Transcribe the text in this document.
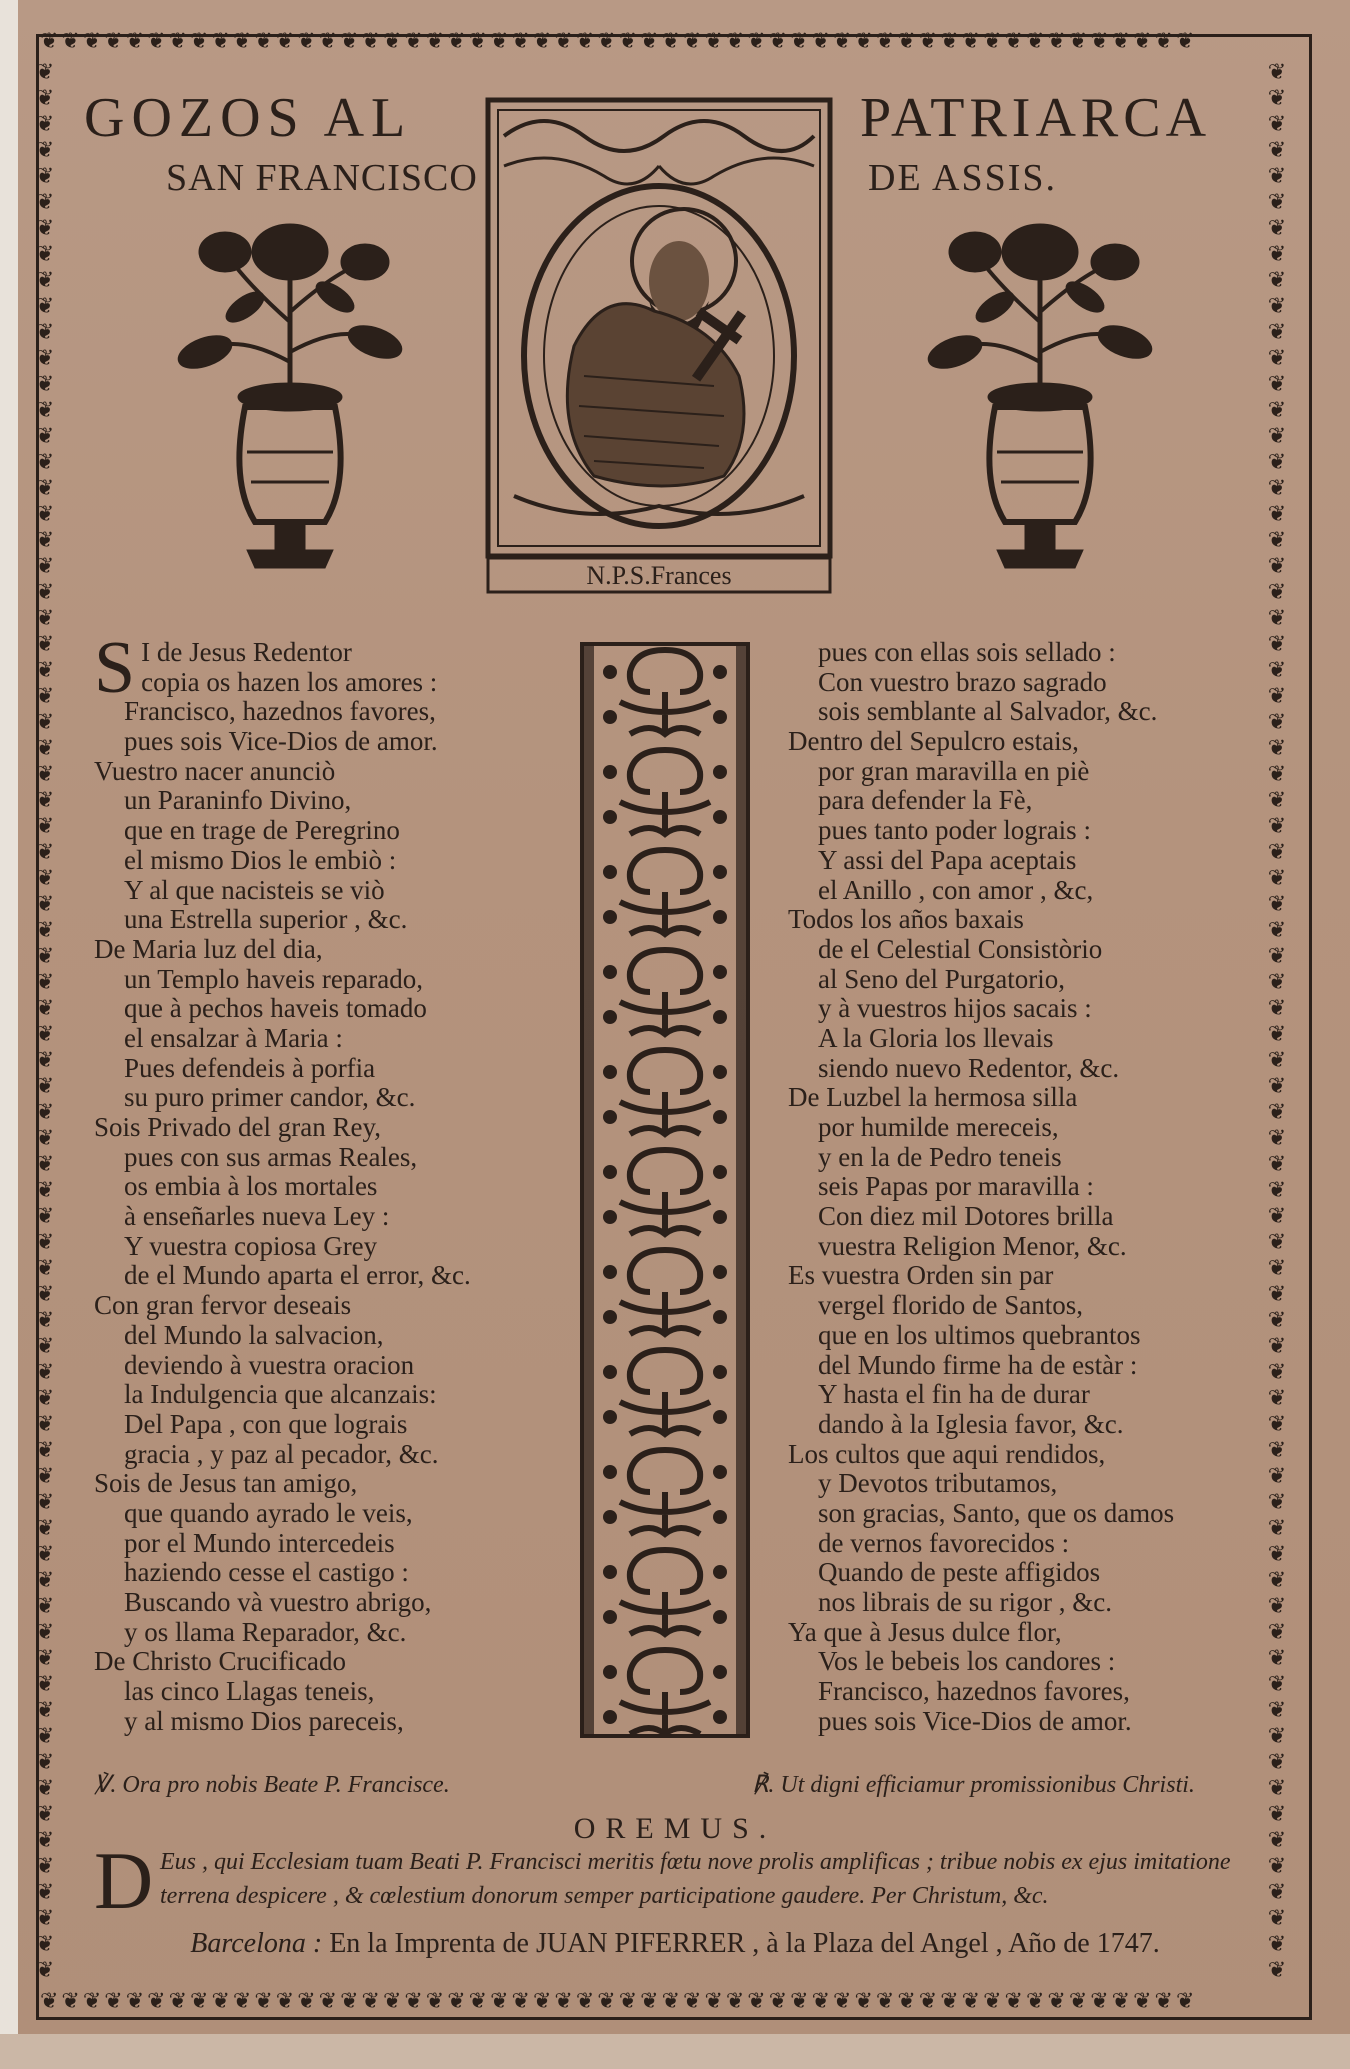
❦❦❦❦❦❦❦❦❦❦❦❦❦❦❦❦❦❦❦❦❦❦❦❦❦❦❦❦❦❦❦❦❦❦❦❦❦❦❦❦❦❦❦❦❦❦❦❦❦❦❦❦❦❦
❦❦❦❦❦❦❦❦❦❦❦❦❦❦❦❦❦❦❦❦❦❦❦❦❦❦❦❦❦❦❦❦❦❦❦❦❦❦❦❦❦❦❦❦❦❦❦❦❦❦❦❦❦❦
❦❦❦❦❦❦❦❦❦❦❦❦❦❦❦❦❦❦❦❦❦❦❦❦❦❦❦❦❦❦❦❦❦❦❦❦❦❦❦❦❦❦❦❦❦❦❦❦❦❦❦❦❦❦❦❦❦❦❦❦❦❦❦❦❦❦❦❦❦❦❦❦❦❦
❦❦❦❦❦❦❦❦❦❦❦❦❦❦❦❦❦❦❦❦❦❦❦❦❦❦❦❦❦❦❦❦❦❦❦❦❦❦❦❦❦❦❦❦❦❦❦❦❦❦❦❦❦❦❦❦❦❦❦❦❦❦❦❦❦❦❦❦❦❦❦❦❦❦
GOZOS AL	PATRIARCA
SAN FRANCISCO	DE ASSIS.
N.P.S.Frances
S I de Jesus Redentor
copia os hazen los amores :
Francisco, hazednos favores,
pues sois Vice-Dios de amor.
Vuestro nacer anunciò
un Paraninfo Divino,
que en trage de Peregrino
el mismo Dios le embiò :
Y al que nacisteis se viò
una Estrella superior , &c.
De Maria luz del dia,
un Templo haveis reparado,
que à pechos haveis tomado
el ensalzar à Maria :
Pues defendeis à porfia
su puro primer candor, &c.
Sois Privado del gran Rey,
pues con sus armas Reales,
os embia à los mortales
à enseñarles nueva Ley :
Y vuestra copiosa Grey
de el Mundo aparta el error, &c.
Con gran fervor deseais
del Mundo la salvacion,
deviendo à vuestra oracion
la Indulgencia que alcanzais:
Del Papa , con que lograis
gracia , y paz al pecador, &c.
Sois de Jesus tan amigo,
que quando ayrado le veis,
por el Mundo intercedeis
haziendo cesse el castigo :
Buscando và vuestro abrigo,
y os llama Reparador, &c.
De Christo Crucificado
las cinco Llagas teneis,
y al mismo Dios pareceis,
pues con ellas sois sellado :
Con vuestro brazo sagrado
sois semblante al Salvador, &c.
Dentro del Sepulcro estais,
por gran maravilla en piè
para defender la Fè,
pues tanto poder lograis :
Y assi del Papa aceptais
el Anillo , con amor , &c,
Todos los años baxais
de el Celestial Consistòrio
al Seno del Purgatorio,
y à vuestros hijos sacais :
A la Gloria los llevais
siendo nuevo Redentor, &c.
De Luzbel la hermosa silla
por humilde mereceis,
y en la de Pedro teneis
seis Papas por maravilla :
Con diez mil Dotores brilla
vuestra Religion Menor, &c.
Es vuestra Orden sin par
vergel florido de Santos,
que en los ultimos quebrantos
del Mundo firme ha de estàr :
Y hasta el fin ha de durar
dando à la Iglesia favor, &c.
Los cultos que aqui rendidos,
y Devotos tributamos,
son gracias, Santo, que os damos
de vernos favorecidos :
Quando de peste affigidos
nos librais de su rigor , &c.
Ya que à Jesus dulce flor,
Vos le bebeis los candores :
Francisco, hazednos favores,
pues sois Vice-Dios de amor.
℣. Ora pro nobis Beate P. Francisce.	℟. Ut digni efficiamur promissionibus Christi.
OREMUS.
D Eus , qui Ecclesiam tuam Beati P. Francisci meritis fœtu nove prolis amplificas ; tribue nobis ex ejus imitatione terrena despicere , & cœlestium donorum semper participatione gaudere. Per Christum, &c.
Barcelona : En la Imprenta de JUAN PIFERRER , à la Plaza del Angel , Año de 1747.
